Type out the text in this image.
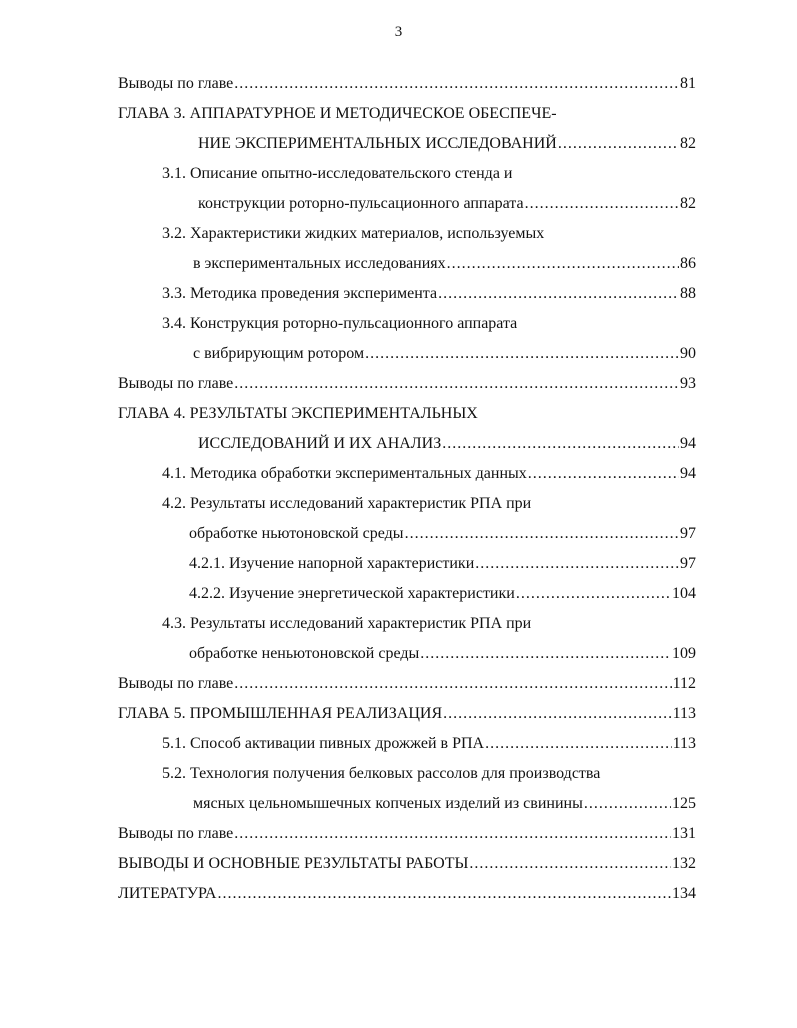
3
Выводы по главе .....	81
ГЛАВА 3. АППАРАТУРНОЕ И МЕТОДИЧЕСКОЕ ОБЕСПЕЧЕ-
НИЕ ЭКСПЕРИМЕНТАЛЬНЫХ ИССЛЕДОВАНИЙ .....	82
3.1. Описание опытно-исследовательского стенда и
конструкции роторно-пульсационного аппарата .....	82
3.2. Характеристики жидких материалов, используемых
в экспериментальных исследованиях .....	86
3.3. Методика проведения эксперимента .....	88
3.4. Конструкция роторно-пульсационного аппарата
с вибрирующим ротором .....	90
Выводы по главе .....	93
ГЛАВА 4. РЕЗУЛЬТАТЫ ЭКСПЕРИМЕНТАЛЬНЫХ
ИССЛЕДОВАНИЙ И ИХ АНАЛИЗ .....	94
4.1. Методика обработки экспериментальных данных .....	94
4.2. Результаты исследований характеристик РПА при
обработке ньютоновской среды .....	97
4.2.1. Изучение напорной характеристики .....	97
4.2.2. Изучение энергетической характеристики .....	104
4.3. Результаты исследований характеристик РПА при
обработке неньютоновской среды .....	109
Выводы по главе .....	112
ГЛАВА 5. ПРОМЫШЛЕННАЯ РЕАЛИЗАЦИЯ .....	113
5.1. Способ активации пивных дрожжей в РПА .....	113
5.2. Технология получения белковых рассолов для производства
мясных цельномышечных копченых изделий из свинины .....	125
Выводы по главе .....	131
ВЫВОДЫ И ОСНОВНЫЕ РЕЗУЛЬТАТЫ РАБОТЫ .....	132
ЛИТЕРАТУРА .....	134
